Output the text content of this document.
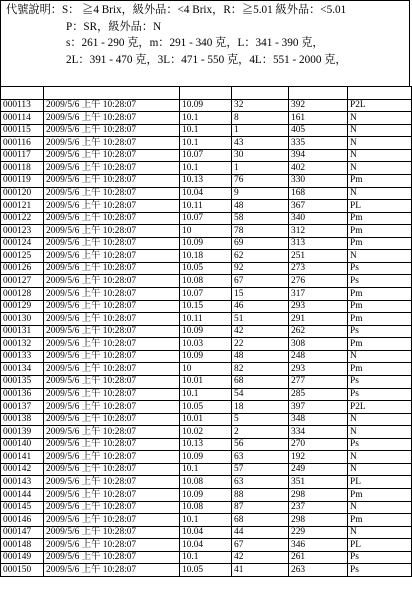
代號說明：S： ≧4 Brix，級外品：<4 Brix，R：≧5.01 級外品：<5.01
P：SR，級外品：N
s：261 - 290 克，m：291 - 340 克，L：341 - 390 克，
2L：391 - 470 克，3L：471 - 550 克，4L：551 - 2000 克，

000113	2009/5/6 上午 10:28:07	10.09	32	392	P2L
000114	2009/5/6 上午 10:28:07	10.1	8	161	N
000115	2009/5/6 上午 10:28:07	10.1	1	405	N
000116	2009/5/6 上午 10:28:07	10.1	43	335	N
000117	2009/5/6 上午 10:28:07	10.07	30	394	N
000118	2009/5/6 上午 10:28:07	10.1	1	402	N
000119	2009/5/6 上午 10:28:07	10.13	76	330	Pm
000120	2009/5/6 上午 10:28:07	10.04	9	168	N
000121	2009/5/6 上午 10:28:07	10.11	48	367	PL
000122	2009/5/6 上午 10:28:07	10.07	58	340	Pm
000123	2009/5/6 上午 10:28:07	10	78	312	Pm
000124	2009/5/6 上午 10:28:07	10.09	69	313	Pm
000125	2009/5/6 上午 10:28:07	10.18	62	251	N
000126	2009/5/6 上午 10:28:07	10.05	92	273	Ps
000127	2009/5/6 上午 10:28:07	10.08	67	276	Ps
000128	2009/5/6 上午 10:28:07	10.07	15	317	Pm
000129	2009/5/6 上午 10:28:07	10.15	46	293	Pm
000130	2009/5/6 上午 10:28:07	10.11	51	291	Pm
000131	2009/5/6 上午 10:28:07	10.09	42	262	Ps
000132	2009/5/6 上午 10:28:07	10.03	22	308	Pm
000133	2009/5/6 上午 10:28:07	10.09	48	248	N
000134	2009/5/6 上午 10:28:07	10	82	293	Pm
000135	2009/5/6 上午 10:28:07	10.01	68	277	Ps
000136	2009/5/6 上午 10:28:07	10.1	54	285	Ps
000137	2009/5/6 上午 10:28:07	10.05	18	397	P2L
000138	2009/5/6 上午 10:28:07	10.01	5	348	N
000139	2009/5/6 上午 10:28:07	10.02	2	334	N
000140	2009/5/6 上午 10:28:07	10.13	56	270	Ps
000141	2009/5/6 上午 10:28:07	10.09	63	192	N
000142	2009/5/6 上午 10:28:07	10.1	57	249	N
000143	2009/5/6 上午 10:28:07	10.08	63	351	PL
000144	2009/5/6 上午 10:28:07	10.09	88	298	Pm
000145	2009/5/6 上午 10:28:07	10.08	87	237	N
000146	2009/5/6 上午 10:28:07	10.1	68	298	Pm
000147	2009/5/6 上午 10:28:07	10.04	44	229	N
000148	2009/5/6 上午 10:28:07	10.04	67	346	PL
000149	2009/5/6 上午 10:28:07	10.1	42	261	Ps
000150	2009/5/6 上午 10:28:07	10.05	41	263	Ps
